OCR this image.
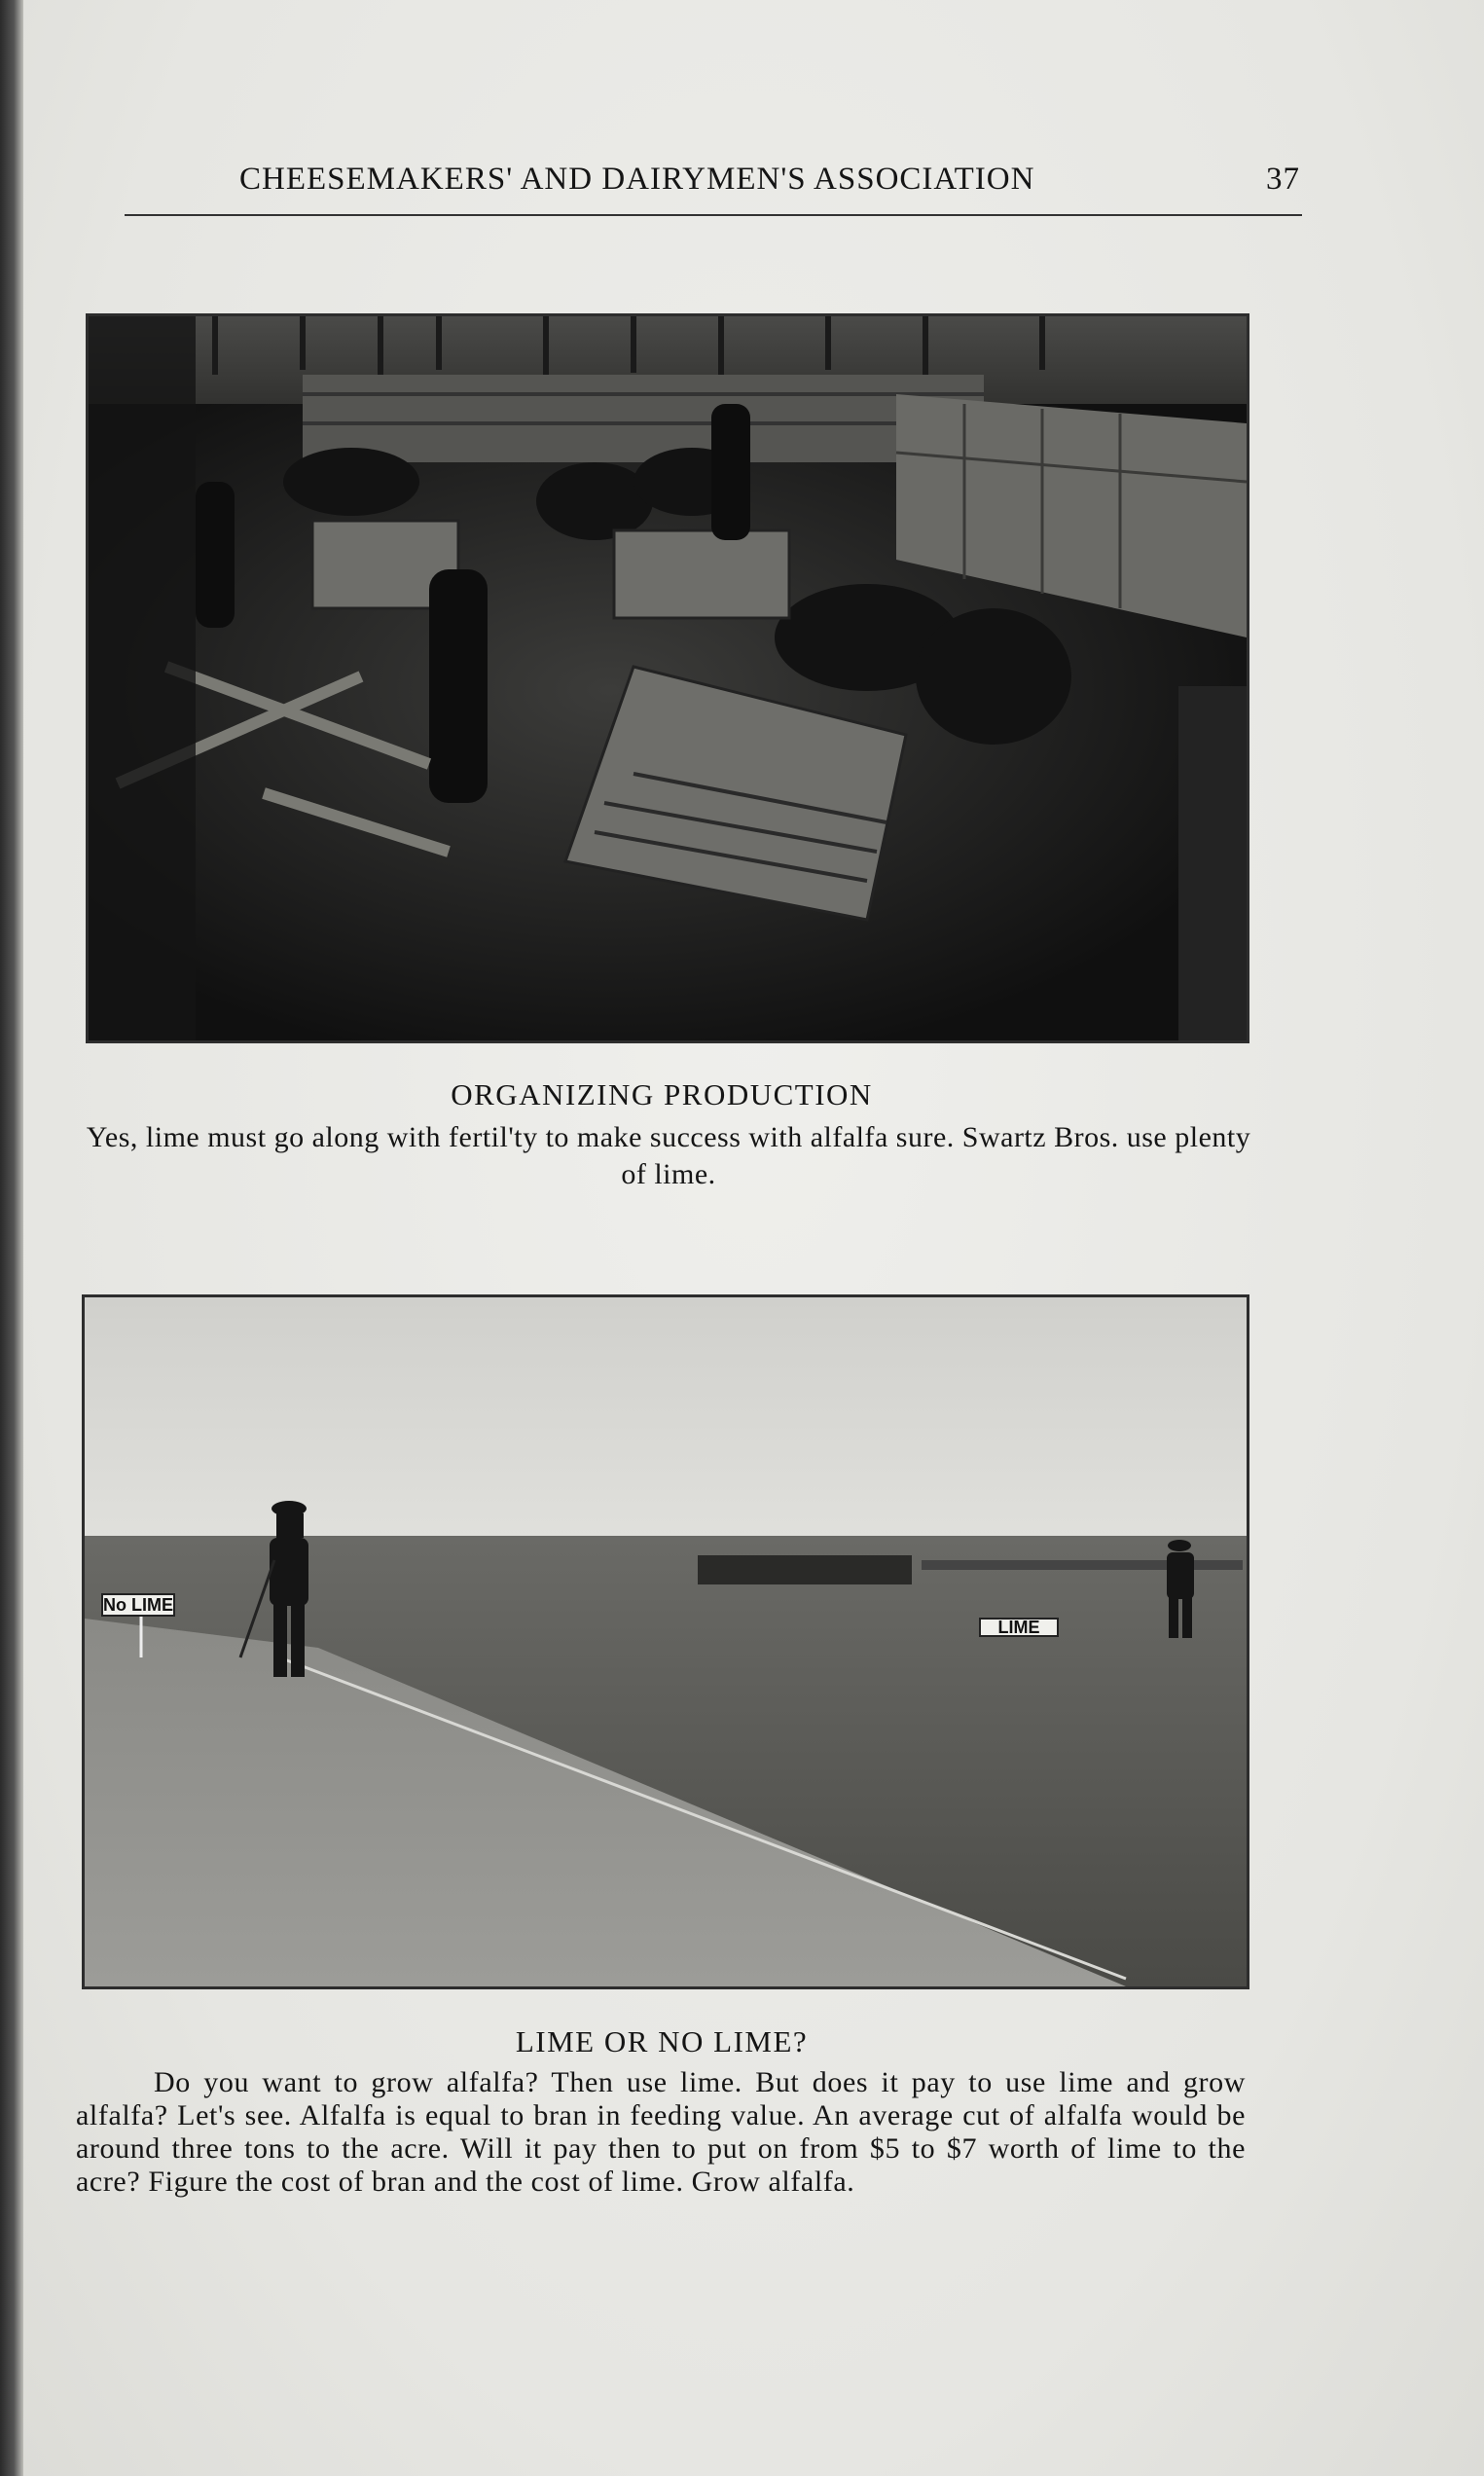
CHEESEMAKERS' AND DAIRYMEN'S ASSOCIATION	37
ORGANIZING PRODUCTION
Yes, lime must go along with fertil'ty to make success with alfalfa sure. Swartz Bros. use plenty of lime.
No LIME
LIME
LIME OR NO LIME?
Do you want to grow alfalfa? Then use lime. But does it pay to use lime and grow alfalfa? Let's see. Alfalfa is equal to bran in feeding value. An average cut of alfalfa would be around three tons to the acre. Will it pay then to put on from $5 to $7 worth of lime to the acre? Figure the cost of bran and the cost of lime. Grow alfalfa.
